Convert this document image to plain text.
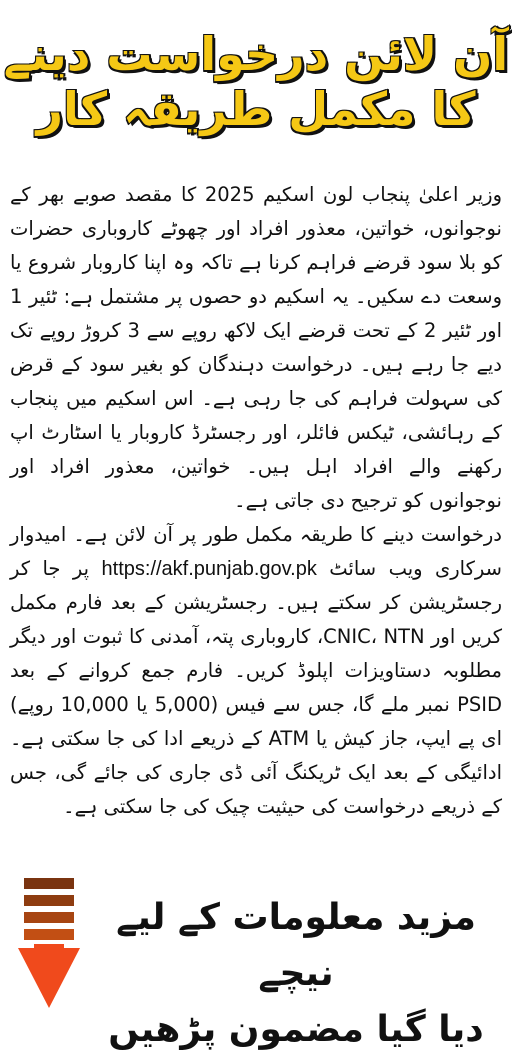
آن لائن درخواست دینے
کا مکمل طریقہ کار

وزیر اعلیٰ پنجاب لون اسکیم 2025 کا مقصد صوبے بھر کے نوجوانوں، خواتین، معذور افراد اور چھوٹے کاروباری حضرات کو بلا سود قرضے فراہم کرنا ہے تاکہ وہ اپنا کاروبار شروع یا وسعت دے سکیں۔ یہ اسکیم دو حصوں پر مشتمل ہے: ٹئیر 1 اور ٹئیر 2 کے تحت قرضے ایک لاکھ روپے سے 3 کروڑ روپے تک دیے جا رہے ہیں۔ درخواست دہندگان کو بغیر سود کے قرض کی سہولت فراہم کی جا رہی ہے۔ اس اسکیم میں پنجاب کے رہائشی، ٹیکس فائلر، اور رجسٹرڈ کاروبار یا اسٹارٹ اپ رکھنے والے افراد اہل ہیں۔ خواتین، معذور افراد اور نوجوانوں کو ترجیح دی جاتی ہے۔

درخواست دینے کا طریقہ مکمل طور پر آن لائن ہے۔ امیدوار سرکاری ویب سائٹ https://akf.punjab.gov.pk پر جا کر رجسٹریشن کر سکتے ہیں۔ رجسٹریشن کے بعد فارم مکمل کریں اور CNIC، NTN، کاروباری پتہ، آمدنی کا ثبوت اور دیگر مطلوبہ دستاویزات اپلوڈ کریں۔ فارم جمع کروانے کے بعد PSID نمبر ملے گا، جس سے فیس (5,000 یا 10,000 روپے) ای پے ایپ، جاز کیش یا ATM کے ذریعے ادا کی جا سکتی ہے۔ ادائیگی کے بعد ایک ٹریکنگ آئی ڈی جاری کی جائے گی، جس کے ذریعے درخواست کی حیثیت چیک کی جا سکتی ہے۔

مزید معلومات کے لیے نیچے
دیا گیا مضمون پڑھیں
